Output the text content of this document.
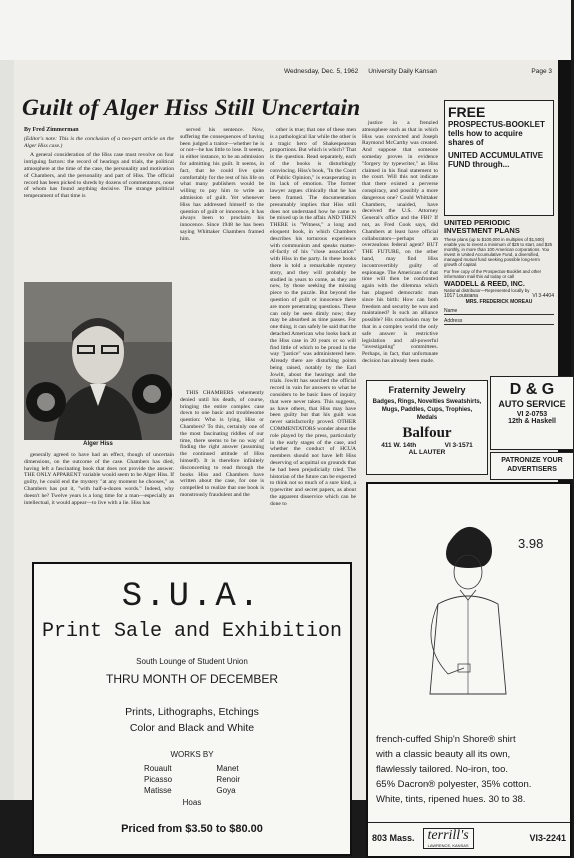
Wednesday, Dec. 5, 1962 University Daily Kansan	Page 3
Guilt of Alger Hiss Still Uncertain
By Fred Zimmerman
(Editor's note: This is the conclusion of a two-part article on the Alger Hiss case.)

A general consideration of the Hiss case must revolve on four intriguing factors: the record of hearings and trials, the political atmosphere at the time of the case, the personality and motivation of Chambers, and the personality and part of Hiss. The official record has been picked to shreds by dozens of commentators, none of whom has found anything decisive. The strange political temperament of that time is

Alger Hiss

generally agreed to have had an effect, though of uncertain dimensions, on the outcome of the case. Chambers has died, having left a fascinating book that does not provide the answer. THE ONLY APPARENT variable would seem to be Alger Hiss. If guilty, he could end the mystery "at any moment he chooses," as Chambers has put it, "with half-a-dozen words." Indeed, why doesn't he? Twelve years is a long time for a man—especially an intellectual, it would appear—to live with a lie. Hiss has

served his sentence. Now, suffering the consequences of having been judged a traitor—whether he is or not—he has little to lose. It seems, in either instance, to be an admission for admitting his guilt. It seems, in fact, that he could live quite comfortably for the rest of his life on what many publishers would be willing to pay him to write an admission of guilt. Yet whenever Hiss has addressed himself to the question of guilt or innocence, it has always been to proclaim his innocence. Since 1948 he has been saying Whittaker Chambers framed him.

THIS CHAMBERS vehemently denied until his death, of course, bringing the entire complex case down to one basic and troublesome question: Who is lying, Hiss or Chambers? To this, certainly one of the most fascinating riddles of our time, there seems to be no way of finding the right answer (assuming the continued attitude of Hiss himself). It is therefore infinitely disconcerting to read through the books Hiss and Chambers have written about the case, for one is compelled to realize that one book is monstrously fraudulent and the

other is true; that one of these men is a pathological liar while the other is a tragic hero of Shakespearean proportions. But which is which? That is the question. Read separately, each of the books is disturbingly convincing. Hiss's book, "In the Court of Public Opinion," is exasperating in its lack of emotion. The former lawyer argues clinically that he has been framed. The documentation presumably implies that Hiss still does not understand how he came to be mixed up in the affair. AND THEN THERE is "Witness," a long and eloquent book, in which Chambers describes his torturous experience with communism and speaks matter-of-factly of his "close association" with Hiss in the party. In these books there is told a remarkable mystery story, and they will probably be studied in years to come, as they are now, by those seeking the missing piece to the puzzle. But beyond the question of guilt or innocence there are more penetrating questions. These can only be seen dimly now; they may be absorbed as time passes. For one thing, it can safely be said that the detached American who looks back at the Hiss case in 20 years or so will find little of which to be proud in the way "justice" was administered here. Already there are disturbing points being raised, notably by the Earl Jowitt, about the hearings and the trials. Jowitt has searched the official record in vain for answers to what he considers to be basic lines of inquiry that were never taken. This suggests, as have others, that Hiss may have been guilty but that his guilt was never satisfactorily proved. OTHER COMMENTATORS wonder about the role played by the press, particularly in the early stages of the case, and whether the conduct of HCUA members should not have left Hiss deserving of acquittal on grounds that he had been prejudicially tried. The historian of the future can be expected to think not so much of a sure kind, a typewriter and secret papers, as about the apparent disservice which can be done to

justice in a frenzied atmosphere such as that in which Hiss was convicted and Joseph Raymond McCarthy was created. And suppose that someone someday proves in evidence "forgery by typewriter," as Hiss claimed in his final statement to the court. Will this not indicate that there existed a perverse conspiracy, and possibly a more dangerous one? Could Whittaker Chambers, unaided, have deceived the U.S. Attorney General's office and the FBI? If not, as Fred Cook says, did Chambers at least have official collaborators—perhaps an overzealous federal agent? BUT THE FUTURE, on the other hand, may find Hiss incontrovertibly guilty of espionage. The Americans of that time will then be confronted again with the dilemma which has plagued democratic man since his birth: How can both freedom and security be won and maintained? Is such an alliance possible? His conclusion may be that in a complex world the only safe answer is restrictive legislation and all-powerful "investigating" committees. Perhaps, in fact, that unfortunate decision has already been made.

FREE
PROSPECTUS-BOOKLET tells how to acquire shares of
UNITED ACCUMULATIVE FUND through...
UNITED PERIODIC INVESTMENT PLANS
These plans (up to $100,000 in multiples of $1,500) enable you to invest a minimum of $25 to start, and $25 monthly, in more than 100 American corporations. You invest in United Accumulative Fund, a diversified, managed mutual fund seeking possible long-term growth of capital.
For free copy of the Prospectus-Booklet and other information mail this ad today or call
WADDELL & REED, INC.
National distributor—Represented locally by
1017 Louisiana	VI 3-4404
MRS. FREDERICK MOREAU
Name
Address
Fraternity Jewelry
Badges, Rings, Novelties Sweatshirts, Mugs, Paddles, Cups, Trophies, Medals
Balfour
411 W. 14th	VI 3-1571
AL LAUTER
D & G
AUTO SERVICE
VI 2-0753
12th & Haskell
PATRONIZE YOUR ADVERTISERS
S.U.A.
Print Sale and Exhibition
South Lounge of Student Union
THRU MONTH OF DECEMBER
Prints, Lithographs, Etchings
Color and Black and White
WORKS BY
Rouault
Picasso
Matisse
Manet
Renoir
Goya
Hoas
Priced from $3.50 to $80.00
3.98
french-cuffed Ship'n Shore® shirt
with a classic beauty all its own,
flawlessly tailored. No-iron, too.
65% Dacron® polyester, 35% cotton.
White, tints, ripened hues. 30 to 38.
803 Mass. terrill's
LAWRENCE, KANSAS
VI3-2241
